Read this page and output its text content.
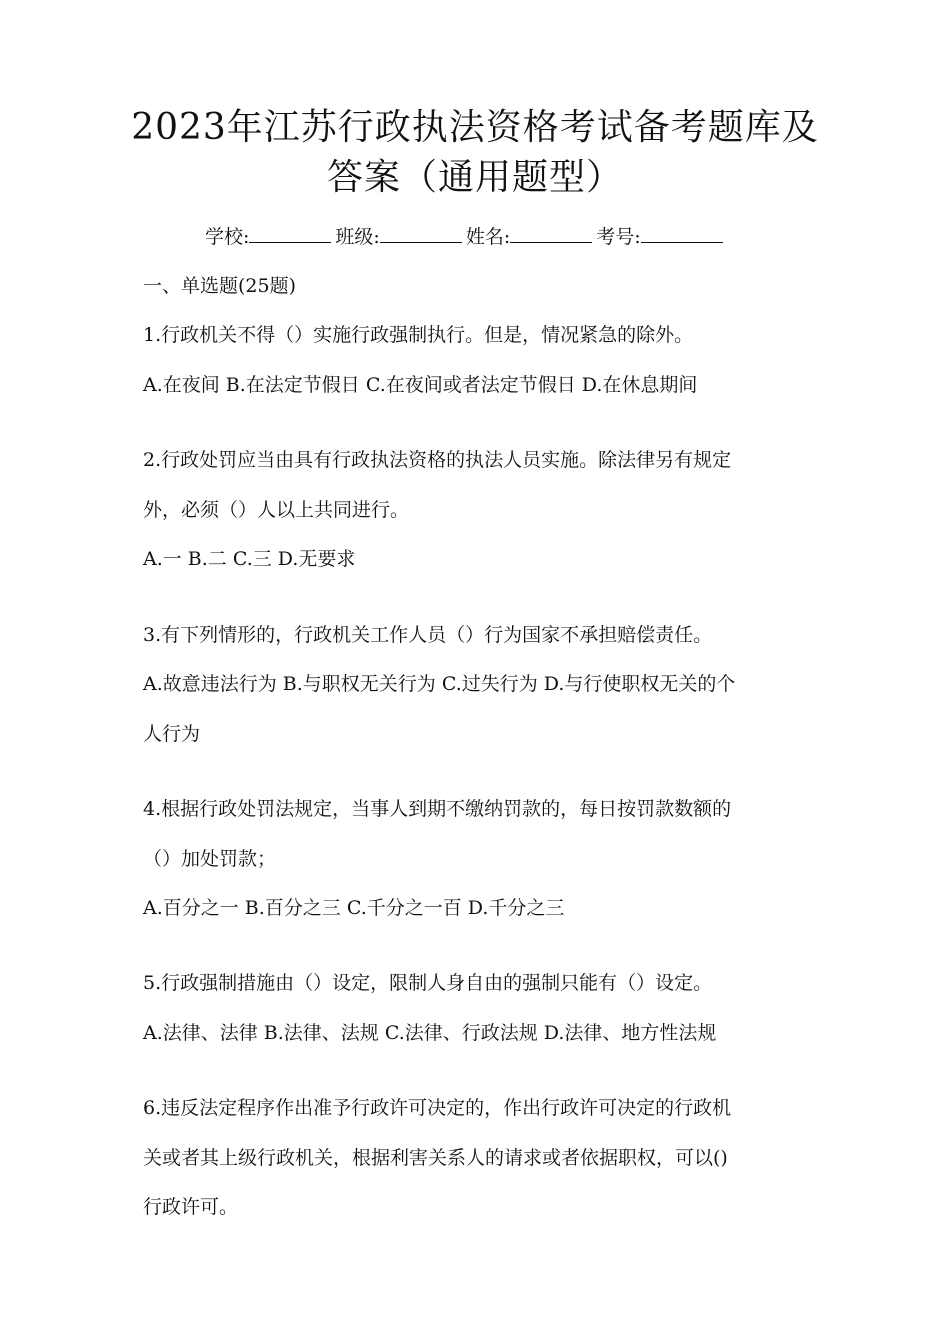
2023年江苏行政执法资格考试备考题库及
答案（通用题型）
学校:	班级:	姓名:	考号:
一、单选题(25题)
1.行政机关不得（）实施行政强制执行。但是，情况紧急的除外。
A.在夜间 B.在法定节假日 C.在夜间或者法定节假日 D.在休息期间
2.行政处罚应当由具有行政执法资格的执法人员实施。除法律另有规定
外，必须（）人以上共同进行。
A.一 B.二 C.三 D.无要求
3.有下列情形的，行政机关工作人员（）行为国家不承担赔偿责任。
A.故意违法行为 B.与职权无关行为 C.过失行为 D.与行使职权无关的个
人行为
4.根据行政处罚法规定，当事人到期不缴纳罚款的，每日按罚款数额的
（）加处罚款；
A.百分之一 B.百分之三 C.千分之一百 D.千分之三
5.行政强制措施由（）设定，限制人身自由的强制只能有（）设定。
A.法律、法律 B.法律、法规 C.法律、行政法规 D.法律、地方性法规
6.违反法定程序作出准予行政许可决定的，作出行政许可决定的行政机
关或者其上级行政机关，根据利害关系人的请求或者依据职权，可以()
行政许可。
